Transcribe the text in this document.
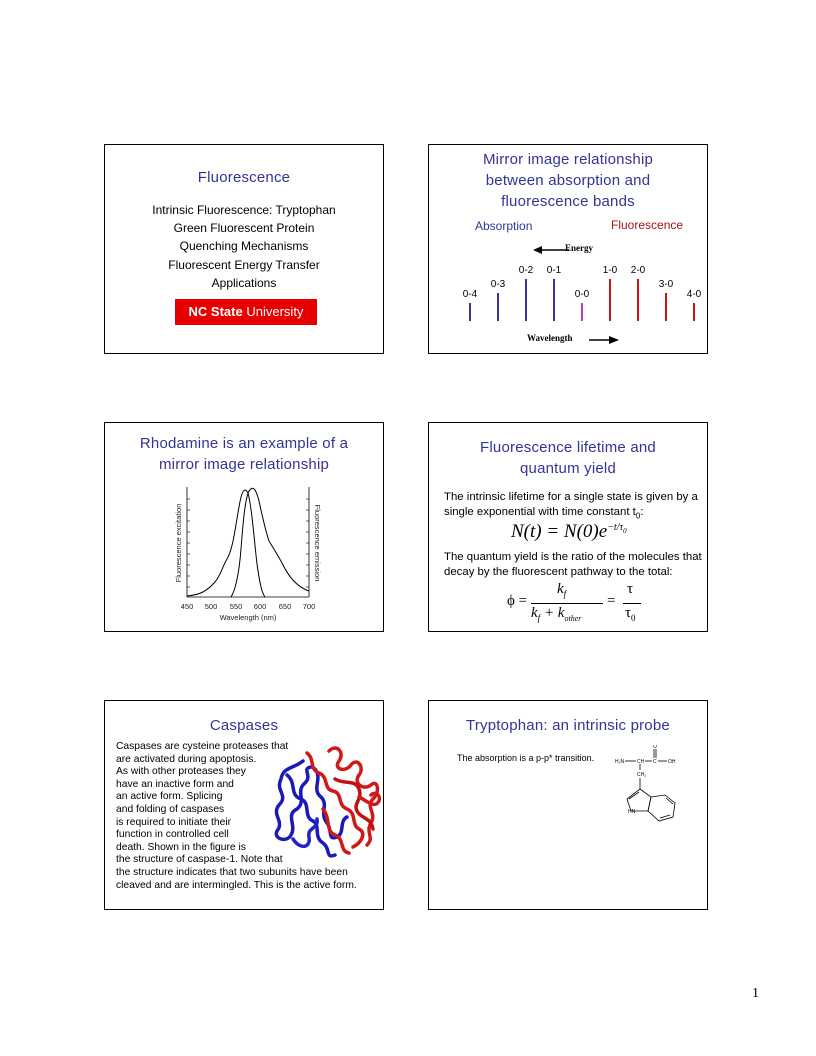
Fluorescence
Intrinsic Fluorescence: Tryptophan
Green Fluorescent Protein
Quenching Mechanisms
Fluorescent Energy Transfer
Applications
NC State University
Mirror image relationship
between absorption and
fluorescence bands
Absorption	Fluorescence
Energy
0-4
0-3
0-2	0-1
0-0
1-0	2-0
3-0
4-0
Wavelength
Rhodamine is an example of a
mirror image relationship
450 500 550 600 650 700
Wavelength (nm)
Fluorescence excitation	Fluorescence emission
Fluorescence lifetime and
quantum yield
The intrinsic lifetime for a single state is given by a single exponential with time constant $t_0$:
$N(t) = N(0)e^{-t/\tau_0}$
The quantum yield is the ratio of the molecules that decay by the fluorescent pathway to the total:
ϕ =
$k_f$
$k_f + k_{other}$
=
τ
$\tau_0$
Caspases
Caspases are cysteine proteases that
are activated during apoptosis.
As with other proteases they
have an inactive form and
an active form. Splicing
and folding of caspases
is required to initiate their
function in controlled cell
death. Shown in the figure is
the structure of caspase-1. Note that
the structure indicates that two subunits have been
cleaved and are intermingled. This is the active form.
Tryptophan: an intrinsic probe
The absorption is a p-p* transition.	H₂N	CH C OH
O
CH₂
HN
1
